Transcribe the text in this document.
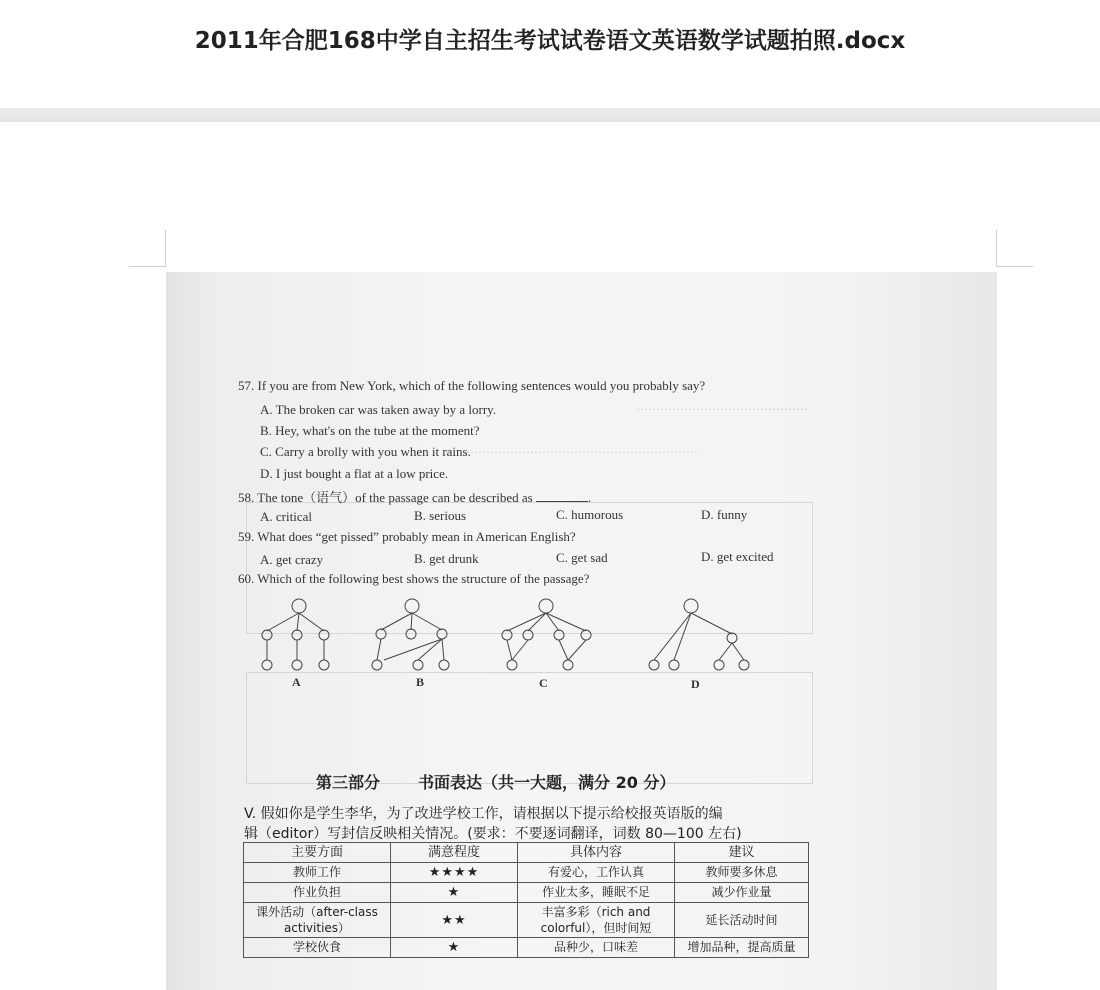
2011年合肥168中学自主招生考试试卷语文英语数学试题拍照.docx
···········································
··························································
57. If you are from New York, which of the following sentences would you probably say?
A. The broken car was taken away by a lorry.
B. Hey, what's on the tube at the moment?
C. Carry a brolly with you when it rains.
D. I just bought a flat at a low price.
58. The tone（语气）of the passage can be described as	.
A. critical	B. serious	C. humorous	D. funny
59. What does “get pissed” probably mean in American English?
A. get crazy	B. get drunk	C. get sad	D. get excited
60. Which of the following best shows the structure of the passage?
A	B	C	D
第三部分 书面表达（共一大题，满分 20 分）
V. 假如你是学生李华，为了改进学校工作，请根据以下提示给校报英语版的编
辑（editor）写封信反映相关情况。(要求：不要逐词翻译，词数 80—100 左右)
主要方面	满意程度	具体内容	建议
教师工作	★★★★	有爱心，工作认真	教师要多休息
作业负担	★	作业太多，睡眠不足	减少作业量
课外活动（after-class activities）	★★	丰富多彩（rich and colorful），但时间短	延长活动时间
学校伙食	★	品种少，口味差	增加品种，提高质量
